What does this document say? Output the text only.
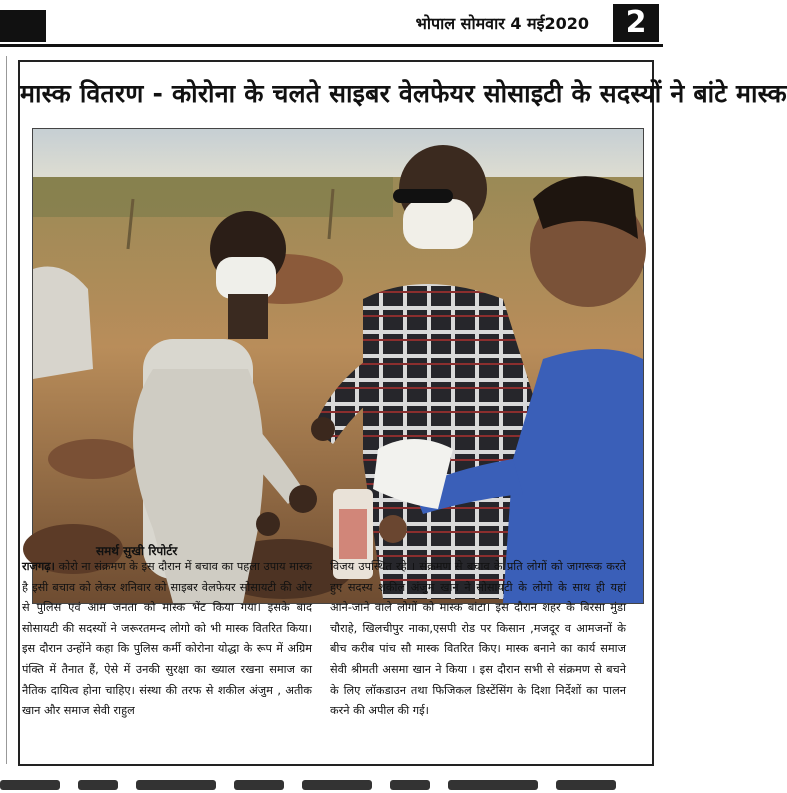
भोपाल सोमवार 4 मई2020	2
मास्क वितरण - कोरोना के चलते साइबर वेलफेयर सोसाइटी के सदस्यों ने बांटे मास्क
समर्थ सुखी रिपोर्टर

राजगढ़। कोरो ना संक्रमण के इस दौरान में बचाव का पहला उपाय मास्क है इसी बचाव को लेकर शनिवार को साइबर वेलफेयर सोसायटी की ओर से पुलिस एवं आम जनता को मास्क भेंट किया गया। इसके बाद सोसायटी की सदस्यों ने जरूरतमन्द लोगो को भी मास्क वितरित किया। इस दौरान उन्होंने कहा कि पुलिस कर्मी कोरोना योद्धा के रूप में अग्रिम पंक्ति में तैनात हैं, ऐसे में उनकी सुरक्षा का ख्याल रखना समाज का नैतिक दायित्व होना चाहिए। संस्था की तरफ से शकील अंजुम , अतीक खान और समाज सेवी राहुल

विजय उपस्थित रहे । संक्रमण से बचाव के प्रति लोगों को जागरूक करते हुए सदस्य शकील अंजुम खान ने सोसायटी के लोगो के साथ ही यहां आने-जाने वाले लोगों को मास्क बांटा। इस दौरान शहर के बिरसा मुंडा चौराहे, खिलचीपुर नाका,एसपी रोड पर किसान ,मजदूर व आमजनों के बीच करीब पांच सौ मास्क वितरित किए। मास्क बनाने का कार्य समाज सेवी श्रीमती असमा खान ने किया । इस दौरान सभी से संक्रमण से बचने के लिए लॉकडाउन तथा फिजिकल डिस्टेंसिंग के दिशा निर्देशों का पालन करने की अपील की गई।
